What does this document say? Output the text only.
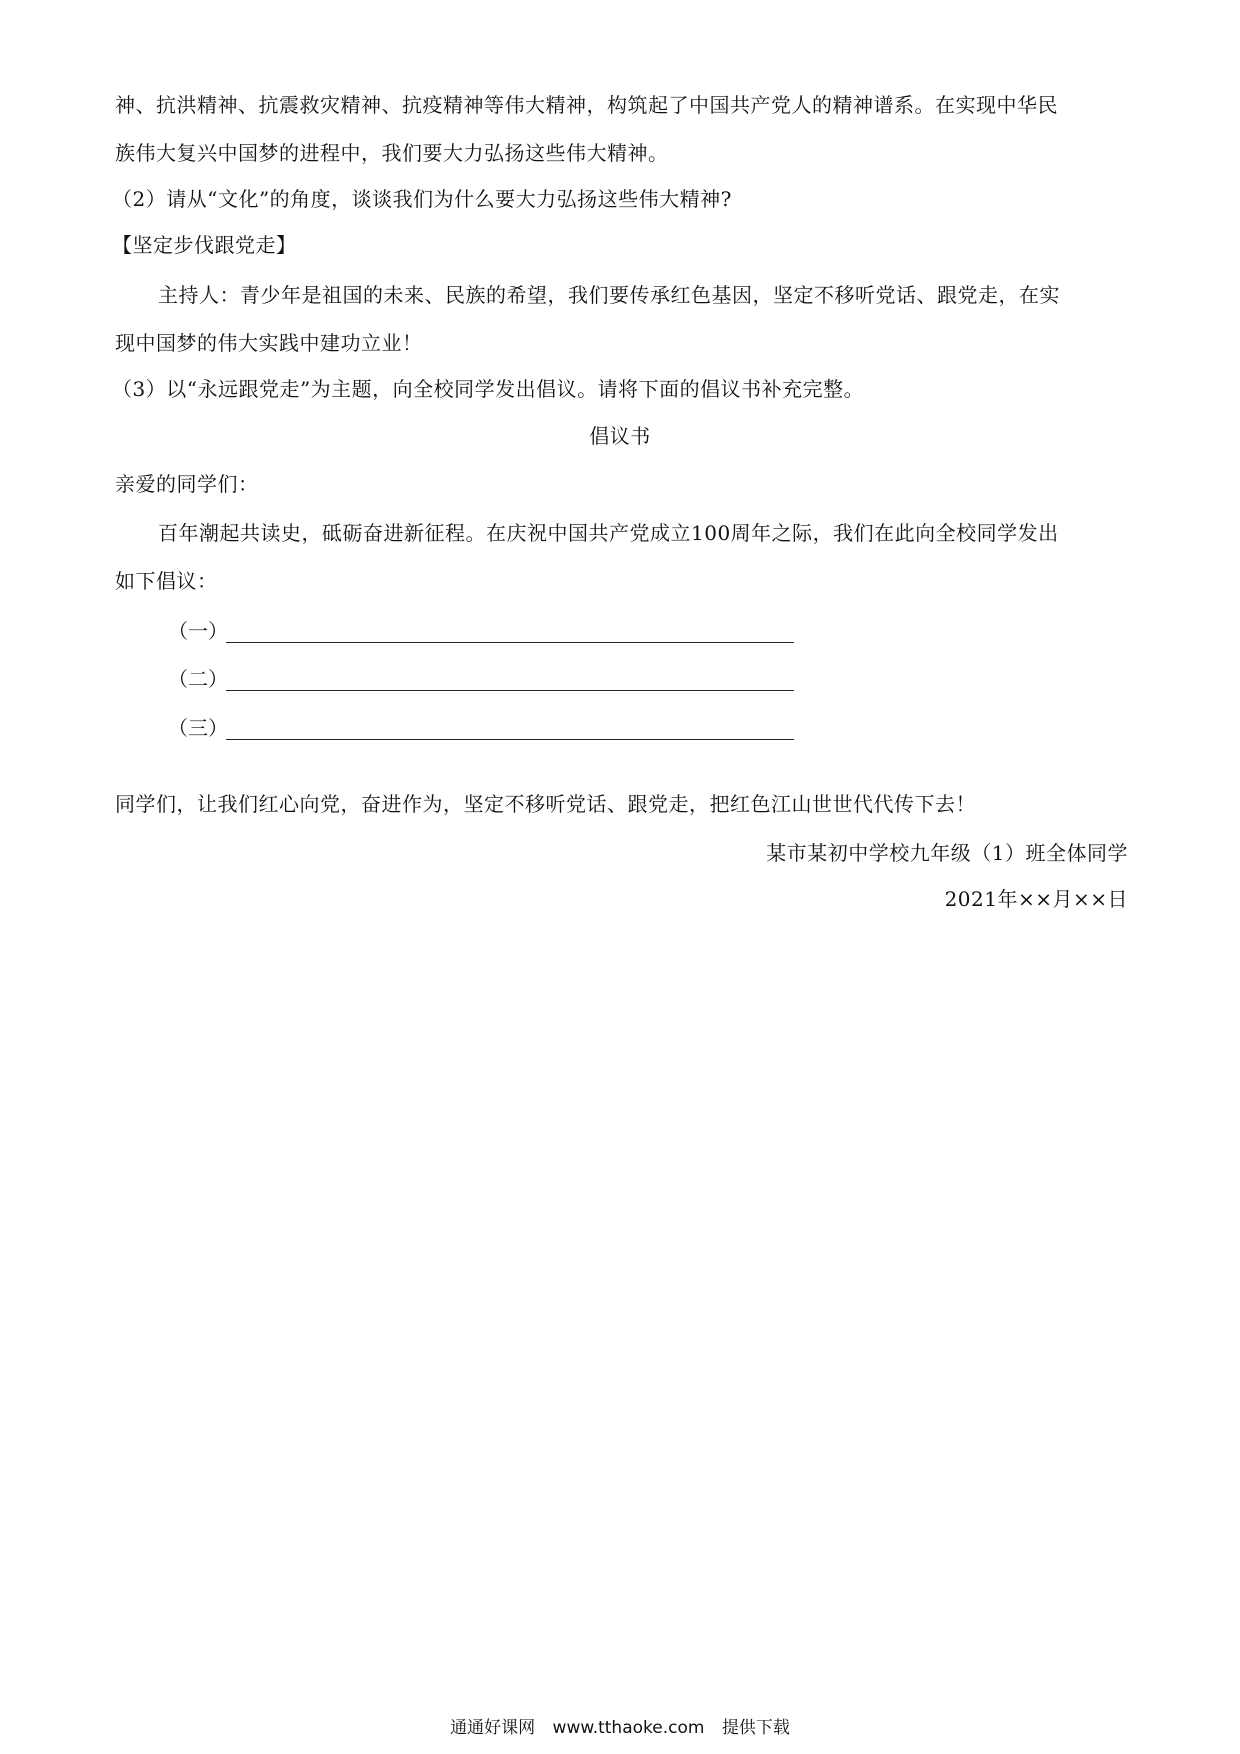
神、抗洪精神、抗震救灾精神、抗疫精神等伟大精神，构筑起了中国共产党人的精神谱系。在实现中华民
族伟大复兴中国梦的进程中，我们要大力弘扬这些伟大精神。
（2）请从“文化”的角度，谈谈我们为什么要大力弘扬这些伟大精神?
【坚定步伐跟党走】
主持人：青少年是祖国的未来、民族的希望，我们要传承红色基因，坚定不移听党话、跟党走，在实
现中国梦的伟大实践中建功立业！
（3）以“永远跟党走”为主题，向全校同学发出倡议。请将下面的倡议书补充完整。
倡议书
亲爱的同学们：
百年潮起共读史，砥砺奋进新征程。在庆祝中国共产党成立100周年之际，我们在此向全校同学发出
如下倡议：
（一）
（二）
（三）
同学们，让我们红心向党，奋进作为，坚定不移听党话、跟党走，把红色江山世世代代传下去！
某市某初中学校九年级（1）班全体同学
2021年××月××日
通通好课网 www.tthaoke.com 提供下载
